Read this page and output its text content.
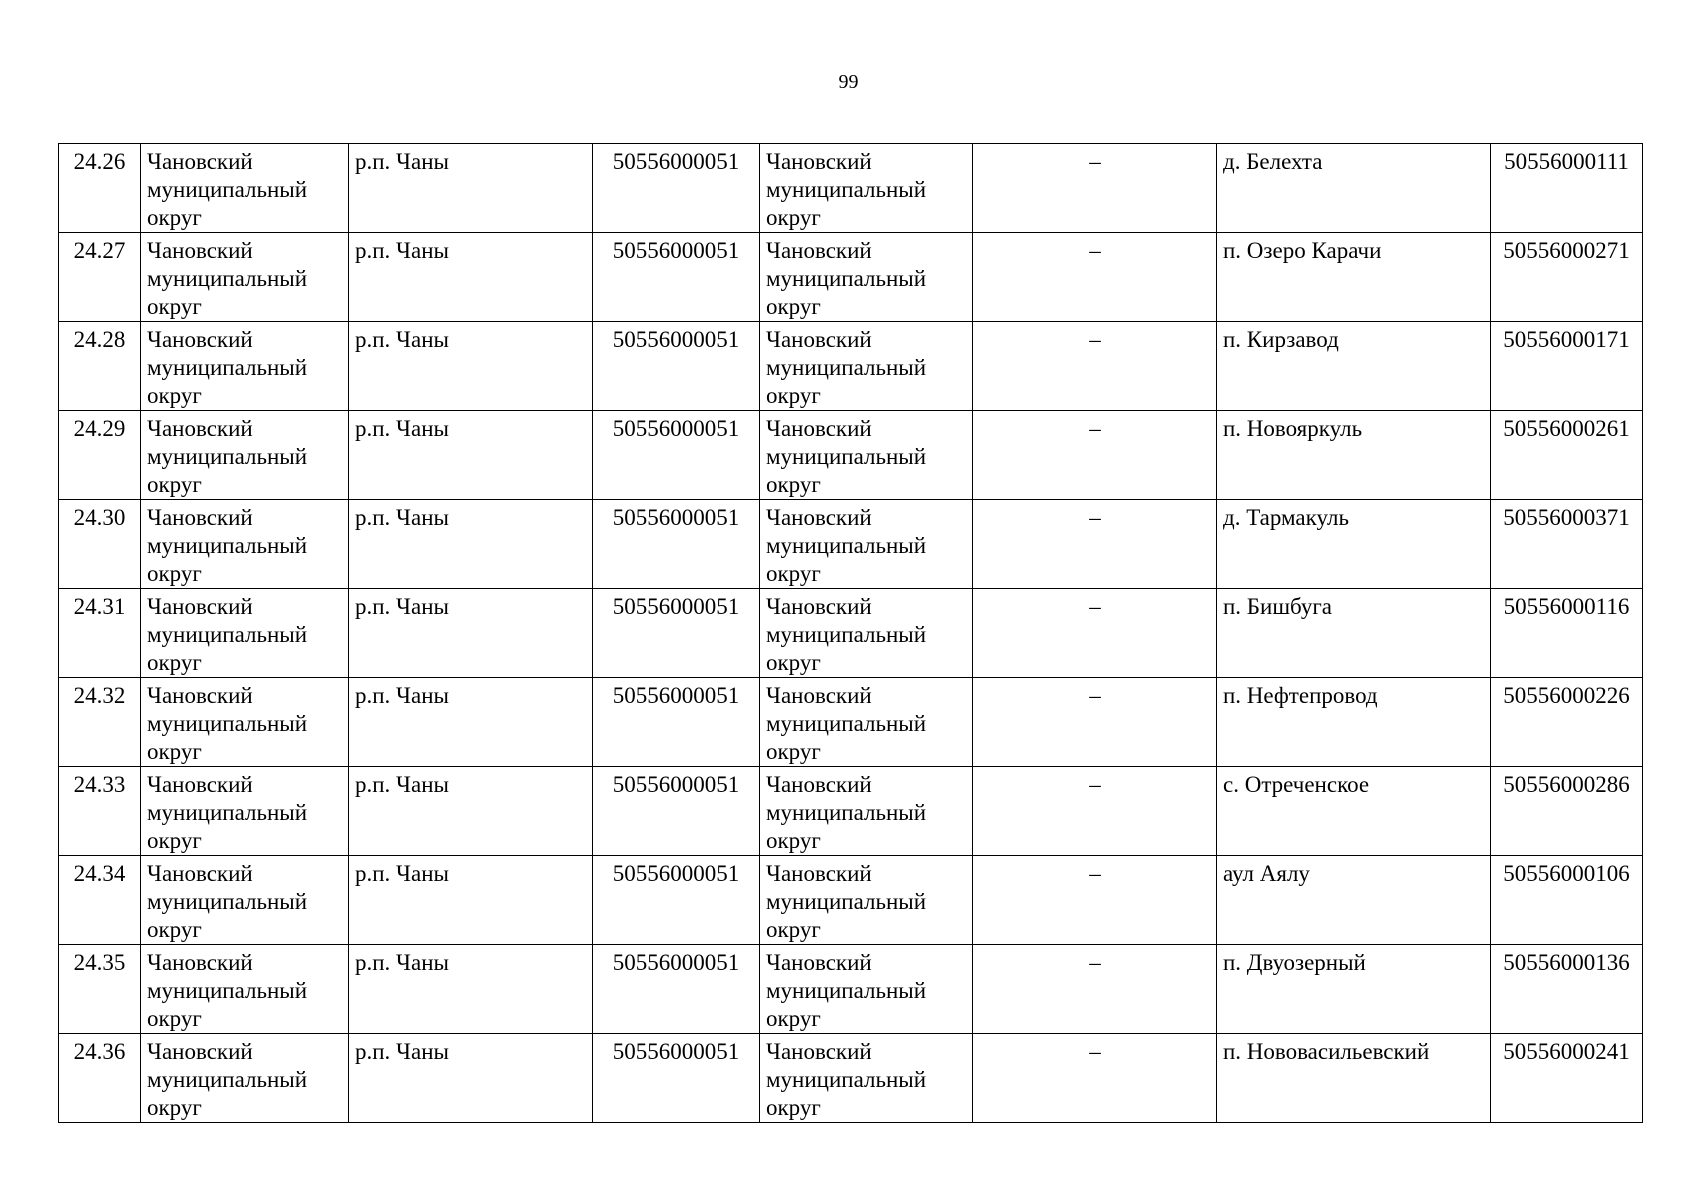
99
24.26	Чановский муниципальный округ	р.п. Чаны	50556000051	Чановский муниципальный округ	–	д. Белехта	50556000111
24.27	Чановский муниципальный округ	р.п. Чаны	50556000051	Чановский муниципальный округ	–	п. Озеро Карачи	50556000271
24.28	Чановский муниципальный округ	р.п. Чаны	50556000051	Чановский муниципальный округ	–	п. Кирзавод	50556000171
24.29	Чановский муниципальный округ	р.п. Чаны	50556000051	Чановский муниципальный округ	–	п. Новояркуль	50556000261
24.30	Чановский муниципальный округ	р.п. Чаны	50556000051	Чановский муниципальный округ	–	д. Тармакуль	50556000371
24.31	Чановский муниципальный округ	р.п. Чаны	50556000051	Чановский муниципальный округ	–	п. Бишбуга	50556000116
24.32	Чановский муниципальный округ	р.п. Чаны	50556000051	Чановский муниципальный округ	–	п. Нефтепровод	50556000226
24.33	Чановский муниципальный округ	р.п. Чаны	50556000051	Чановский муниципальный округ	–	с. Отреченское	50556000286
24.34	Чановский муниципальный округ	р.п. Чаны	50556000051	Чановский муниципальный округ	–	аул Аялу	50556000106
24.35	Чановский муниципальный округ	р.п. Чаны	50556000051	Чановский муниципальный округ	–	п. Двуозерный	50556000136
24.36	Чановский муниципальный округ	р.п. Чаны	50556000051	Чановский муниципальный округ	–	п. Нововасильевский	50556000241
